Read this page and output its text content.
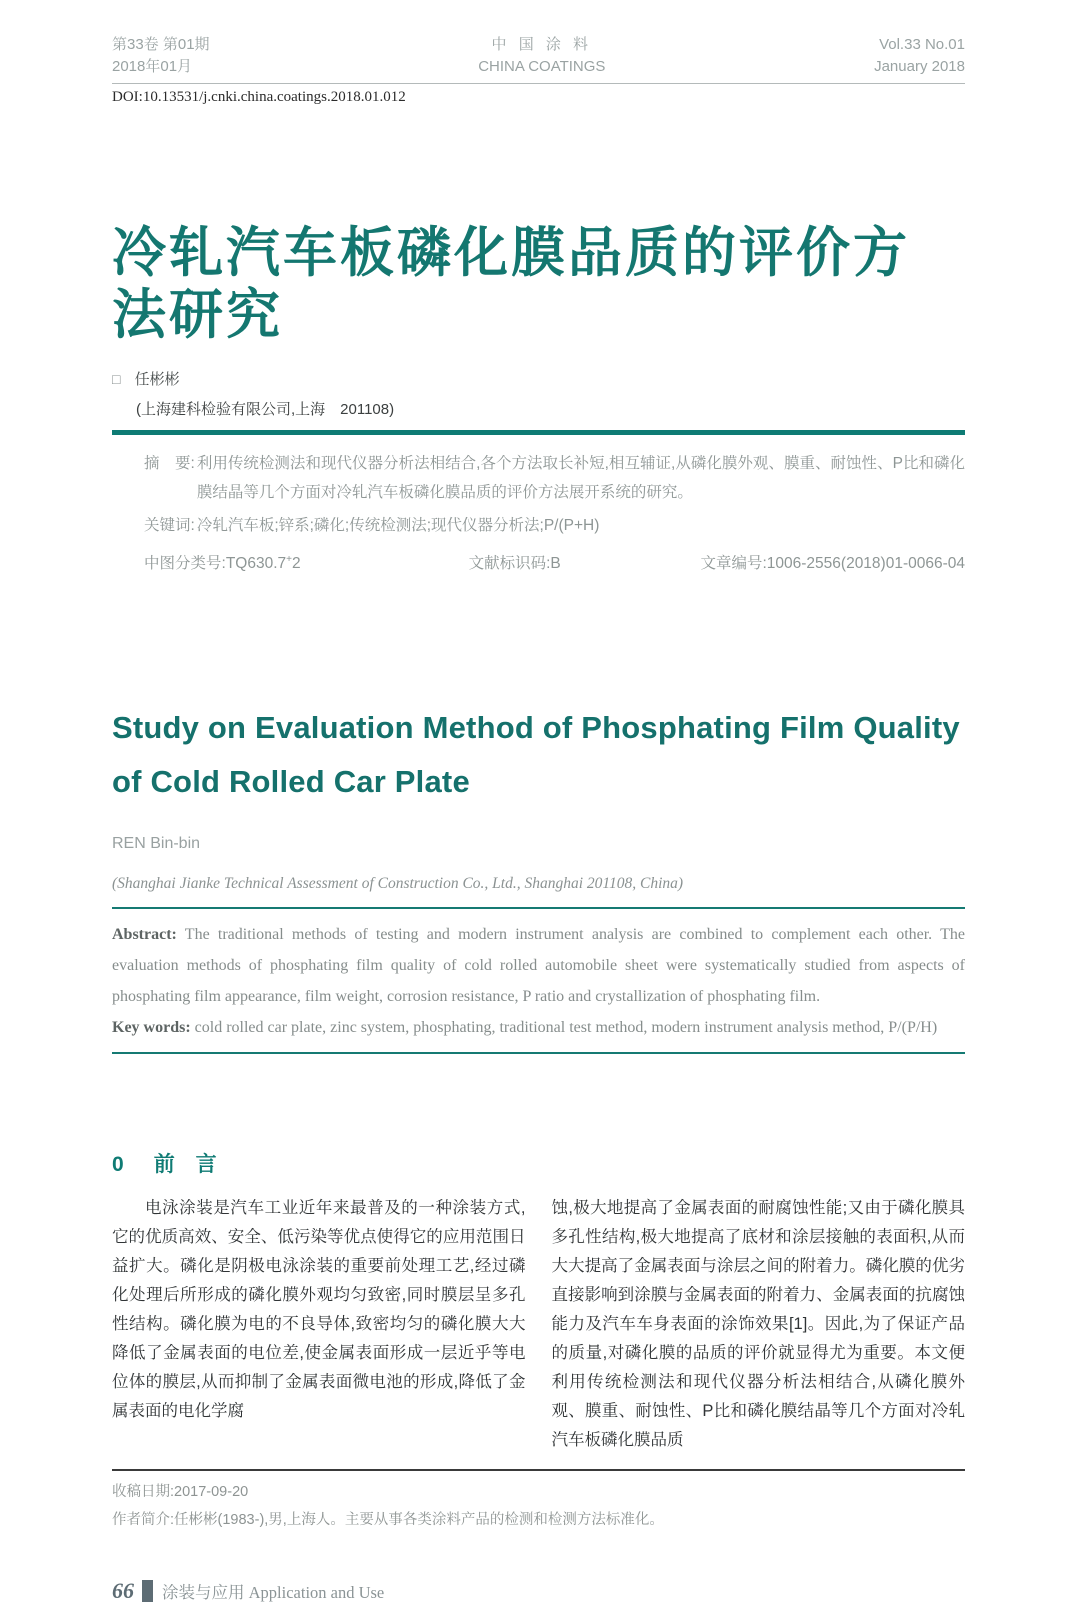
第33卷 第01期
2018年01月
中 国 涂 料
CHINA COATINGS
Vol.33 No.01
January 2018
DOI:10.13531/j.cnki.china.coatings.2018.01.012
冷轧汽车板磷化膜品质的评价方法研究
□ 任彬彬
(上海建科检验有限公司,上海　201108)
摘　要: 利用传统检测法和现代仪器分析法相结合,各个方法取长补短,相互辅证,从磷化膜外观、膜重、耐蚀性、P比和磷化膜结晶等几个方面对冷轧汽车板磷化膜品质的评价方法展开系统的研究。
关键词: 冷轧汽车板;锌系;磷化;传统检测法;现代仪器分析法;P/(P+H)
中图分类号:TQ630.7+2	文献标识码:B	文章编号:1006-2556(2018)01-0066-04
Study on Evaluation Method of Phosphating Film Quality of Cold Rolled Car Plate
REN Bin-bin
(Shanghai Jianke Technical Assessment of Construction Co., Ltd., Shanghai 201108, China)
Abstract: The traditional methods of testing and modern instrument analysis are combined to complement each other. The evaluation methods of phosphating film quality of cold rolled automobile sheet were systematically studied from aspects of phosphating film appearance, film weight, corrosion resistance, P ratio and crystallization of phosphating film.
Key words: cold rolled car plate, zinc system, phosphating, traditional test method, modern instrument analysis method, P/(P/H)
0 前　言

电泳涂装是汽车工业近年来最普及的一种涂装方式,它的优质高效、安全、低污染等优点使得它的应用范围日益扩大。磷化是阴极电泳涂装的重要前处理工艺,经过磷化处理后所形成的磷化膜外观均匀致密,同时膜层呈多孔性结构。磷化膜为电的不良导体,致密均匀的磷化膜大大降低了金属表面的电位差,使金属表面形成一层近乎等电位体的膜层,从而抑制了金属表面微电池的形成,降低了金属表面的电化学腐

蚀,极大地提高了金属表面的耐腐蚀性能;又由于磷化膜具多孔性结构,极大地提高了底材和涂层接触的表面积,从而大大提高了金属表面与涂层之间的附着力。磷化膜的优劣直接影响到涂膜与金属表面的附着力、金属表面的抗腐蚀能力及汽车车身表面的涂饰效果[1]。因此,为了保证产品的质量,对磷化膜的品质的评价就显得尤为重要。本文便利用传统检测法和现代仪器分析法相结合,从磷化膜外观、膜重、耐蚀性、P比和磷化膜结晶等几个方面对冷轧汽车板磷化膜品质

收稿日期:2017-09-20
作者简介:任彬彬(1983-),男,上海人。主要从事各类涂料产品的检测和检测方法标准化。
66 涂装与应用 Application and Use
